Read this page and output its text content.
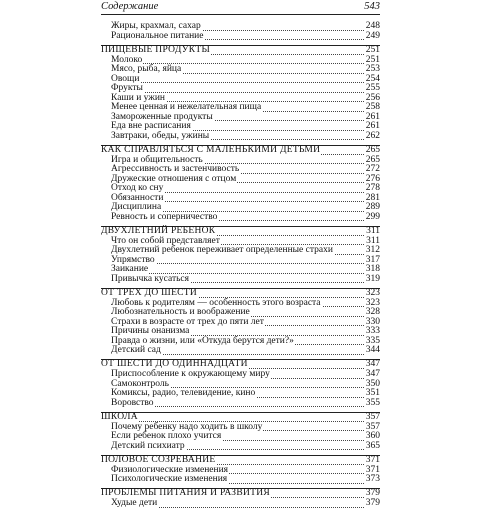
Содержание	543
Жиры, крахмал, сахар	248
Рациональное питание	249
ПИЩЕВЫЕ ПРОДУКТЫ	251
Молоко	251
Мясо, рыба, яйца	253
Овощи	254
Фрукты	255
Каши и ужин	256
Менее ценная и нежелательная пища	258
Замороженные продукты	261
Еда вне расписания	261
Завтраки, обеды, ужины	262
КАК СПРАВЛЯТЬСЯ С МАЛЕНЬКИМИ ДЕТЬМИ	265
Игра и общительность	265
Агрессивность и застенчивость	272
Дружеские отношения с отцом	276
Отход ко сну	278
Обязанности	281
Дисциплина	289
Ревность и соперничество	299
ДВУХЛЕТНИЙ РЕБЕНОК	311
Что он собой представляет	311
Двухлетний ребенок переживает определенные страхи	312
Упрямство	317
Заикание	318
Привычка кусаться	319
ОТ ТРЕХ ДО ШЕСТИ	323
Любовь к родителям — особенность этого возраста	323
Любознательность и воображение	328
Страхи в возрасте от трех до пяти лет	330
Причины онанизма	333
Правда о жизни, или «Откуда берутся дети?»	335
Детский сад	344
ОТ ШЕСТИ ДО ОДИННАДЦАТИ	347
Приспособление к окружающему миру	347
Самоконтроль	350
Комиксы, радио, телевидение, кино	351
Воровство	355
ШКОЛА	357
Почему ребенку надо ходить в школу	357
Если ребенок плохо учится	360
Детский психиатр	365
ПОЛОВОЕ СОЗРЕВАНИЕ	371
Физиологические изменения	371
Психологические изменения	373
ПРОБЛЕМЫ ПИТАНИЯ И РАЗВИТИЯ	379
Худые дети	379
